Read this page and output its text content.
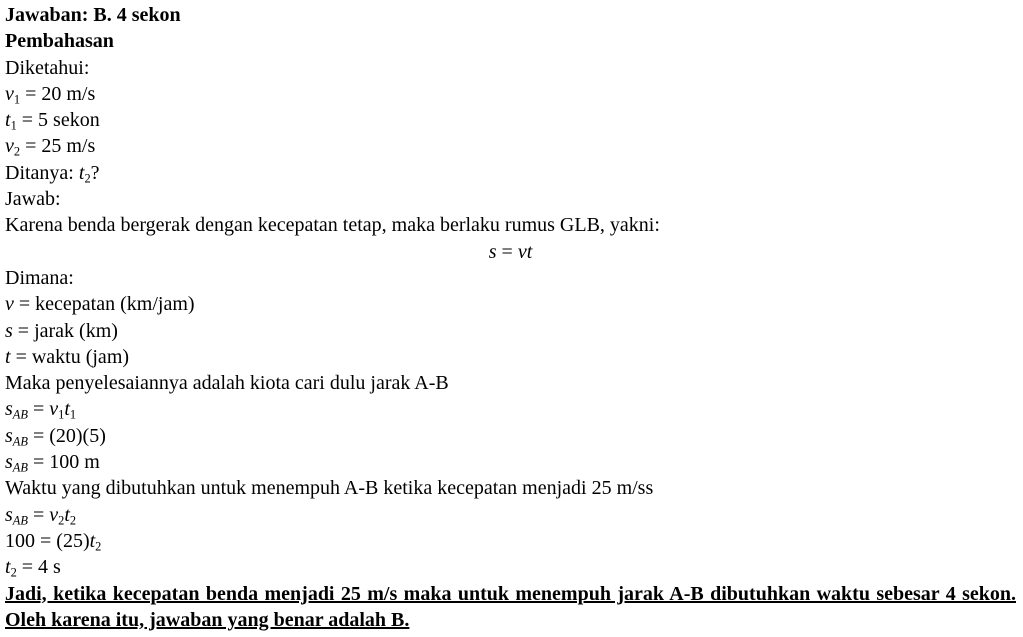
Jawaban: B. 4 sekon
Pembahasan
Diketahui:
$v_1 = 20$ m/s
$t_1 = 5$ sekon
$v_2 = 25$ m/s
Ditanya: $t_2$?
Jawab:
Karena benda bergerak dengan kecepatan tetap, maka berlaku rumus GLB, yakni:
s = vt
Dimana:
v = kecepatan (km/jam)
s = jarak (km)
t = waktu (jam)
Maka penyelesaiannya adalah kiota cari dulu jarak A-B
$s_{AB} = v_1t_1$
$s_{AB} = (20)(5)$
$s_{AB} = 100$ m
Waktu yang dibutuhkan untuk menempuh A-B ketika kecepatan menjadi 25 m/ss
$s_{AB} = v_2t_2$
$100 = (25)t_2$
$t_2 = 4$ s
Jadi, ketika kecepatan benda menjadi 25 m/s maka untuk menempuh jarak A-B dibutuhkan waktu sebesar 4 sekon. Oleh karena itu, jawaban yang benar adalah B.
